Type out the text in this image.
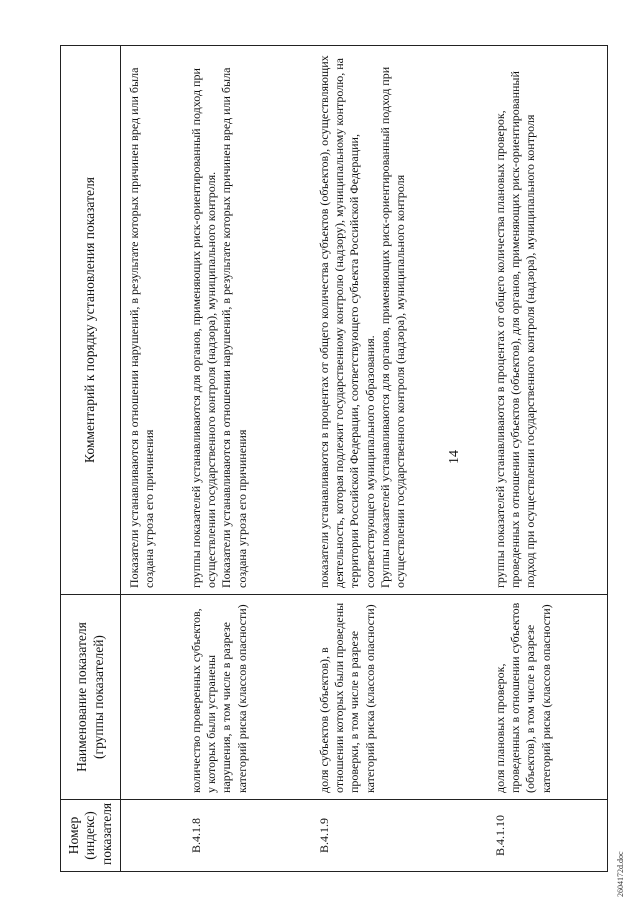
14
Номер (индекс) показателя	Наименование показателя (группы показателей)	Комментарий к порядку установления показателя

		Показатели устанавливаются в отношении нарушений, в результате которых причинен вред или была создана угроза его причинения

В.4.1.8	количество проверенных субъектов, у которых были устранены нарушения, в том числе в разрезе категорий риска (классов опасности)	группы показателей устанавливаются для органов, применяющих риск-ориентированный подход при осуществлении государственного контроля (надзора), муниципального контроля. Показатели устанавливаются в отношении нарушений, в результате которых причинен вред или была создана угроза его причинения

В.4.1.9	доля субъектов (объектов), в отношении которых были проведены проверки, в том числе в разрезе категорий риска (классов опасности)	показатели устанавливаются в процентах от общего количества субъектов (объектов), осуществляющих деятельность, которая подлежит государственному контролю (надзору), муниципальному контролю, на территории Российской Федерации, соответствующего субъекта Российской Федерации, соответствующего муниципального образования. Группы показателей устанавливаются для органов, применяющих риск-ориентированный подход при осуществлении государственного контроля (надзора), муниципального контроля

В.4.1.10	доля плановых проверок, проведенных в отношении субъектов (объектов), в том числе в разрезе категорий риска (классов опасности)	группы показателей устанавливаются в процентах от общего количества плановых проверок, проведенных в отношении субъектов (объектов), для органов, применяющих риск-ориентированный подход при осуществлении государственного контроля (надзора), муниципального контроля
2604172d.doc
